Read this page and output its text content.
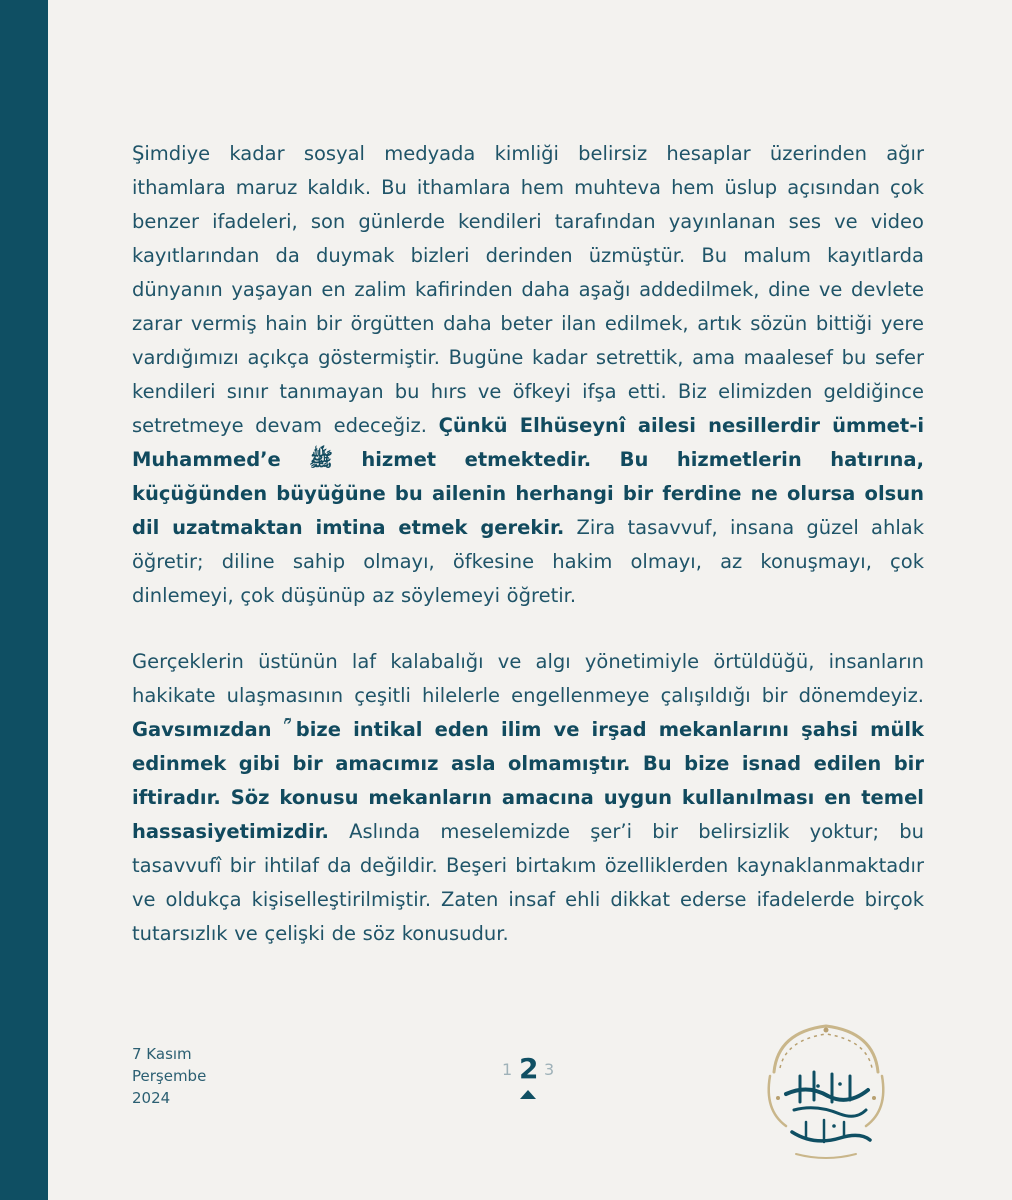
Şimdiye kadar sosyal medyada kimliği belirsiz hesaplar üzerinden ağır ithamlara maruz kaldık. Bu ithamlara hem muhteva hem üslup açısından çok benzer ifadeleri, son günlerde kendileri tarafından yayınlanan ses ve video kayıtlarından da duymak bizleri derinden üzmüştür. Bu malum kayıtlarda dünyanın yaşayan en zalim kafirinden daha aşağı addedilmek, dine ve devlete zarar vermiş hain bir örgütten daha beter ilan edilmek, artık sözün bittiği yere vardığımızı açıkça göstermiştir. Bugüne kadar setrettik, ama maalesef bu sefer kendileri sınır tanımayan bu hırs ve öfkeyi ifşa etti. Biz elimizden geldiğince setretmeye devam edeceğiz. Çünkü Elhüseynî ailesi nesillerdir ümmet-i Muhammed’e ﷺ hizmet etmektedir. Bu hizmetlerin hatırına, küçüğünden büyüğüne bu ailenin herhangi bir ferdine ne olursa olsun dil uzatmaktan imtina etmek gerekir. Zira tasavvuf, insana güzel ahlak öğretir; diline sahip olmayı, öfkesine hakim olmayı, az konuşmayı, çok dinlemeyi, çok düşünüp az söylemeyi öğretir.

Gerçeklerin üstünün laf kalabalığı ve algı yönetimiyle örtüldüğü, insanların hakikate ulaşmasının çeşitli hilelerle engellenmeye çalışıldığı bir dönemdeyiz. Gavsımızdan ؒ bize intikal eden ilim ve irşad mekanlarını şahsi mülk edinmek gibi bir amacımız asla olmamıştır. Bu bize isnad edilen bir iftiradır. Söz konusu mekanların amacına uygun kullanılması en temel hassasiyetimizdir. Aslında meselemizde şer’i bir belirsizlik yoktur; bu tasavvufî bir ihtilaf da değildir. Beşeri birtakım özelliklerden kaynaklanmaktadır ve oldukça kişiselleştirilmiştir. Zaten insaf ehli dikkat ederse ifadelerde birçok tutarsızlık ve çelişki de söz konusudur.

7 Kasım
Perşembe
2024
1 2 3
